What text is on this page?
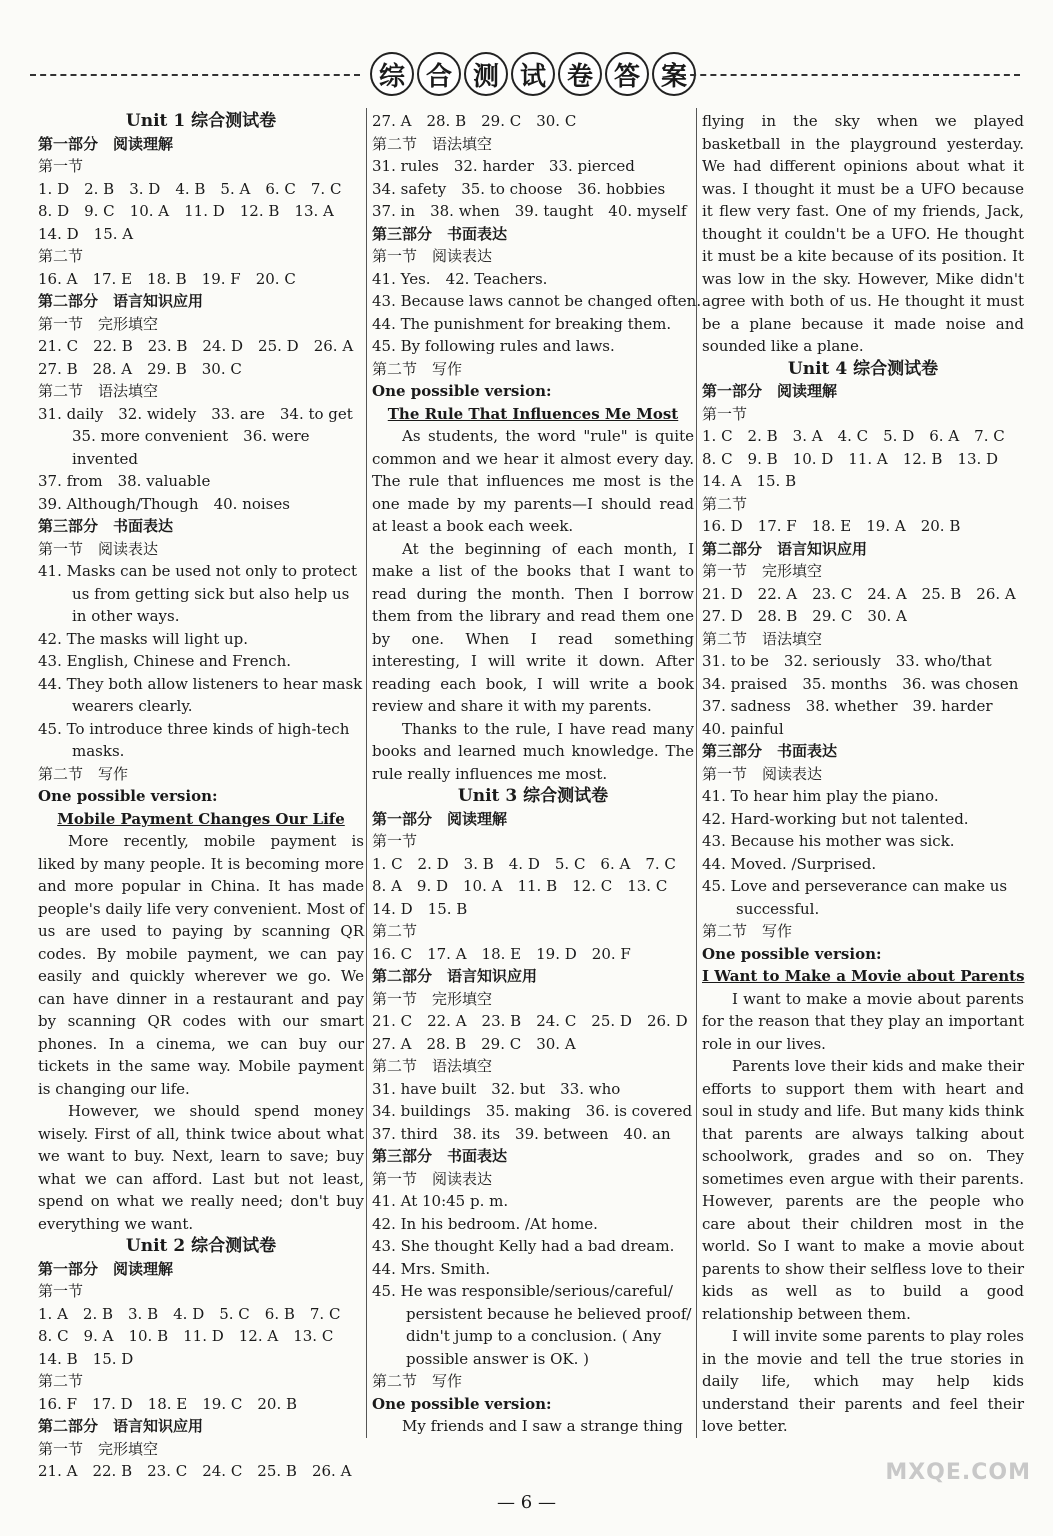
综 合 测 试 卷 答 案
Unit 1 综合测试卷
第一部分　阅读理解
第一节
1. D　2. B　3. D　4. B　5. A　6. C　7. C
8. D　9. C　10. A　11. D　12. B　13. A
14. D　15. A
第二节
16. A　17. E　18. B　19. F　20. C
第二部分　语言知识应用
第一节　完形填空
21. C　22. B　23. B　24. D　25. D　26. A
27. B　28. A　29. B　30. C
第二节　语法填空
31. daily　32. widely　33. are　34. to get
35. more convenient　36. were invented
37. from　38. valuable
39. Although/Though　40. noises
第三部分　书面表达
第一节　阅读表达
41. Masks can be used not only to protect us from getting sick but also help us in other ways.
42. The masks will light up.
43. English, Chinese and French.
44. They both allow listeners to hear mask wearers clearly.
45. To introduce three kinds of high-tech masks.
第二节　写作
One possible version:
Mobile Payment Changes Our Life
More recently, mobile payment is liked by many people. It is becoming more and more popular in China. It has made people's daily life very convenient. Most of us are used to paying by scanning QR codes. By mobile payment, we can pay easily and quickly wherever we go. We can have dinner in a restaurant and pay by scanning QR codes with our smart phones. In a cinema, we can buy our tickets in the same way. Mobile payment is changing our life.
However, we should spend money wisely. First of all, think twice about what we want to buy. Next, learn to save; buy what we can afford. Last but not least, spend on what we really need; don't buy everything we want.
Unit 2 综合测试卷
第一部分　阅读理解
第一节
1. A　2. B　3. B　4. D　5. C　6. B　7. C
8. C　9. A　10. B　11. D　12. A　13. C
14. B　15. D
第二节
16. F　17. D　18. E　19. C　20. B
第二部分　语言知识应用
第一节　完形填空
21. A　22. B　23. C　24. C　25. B　26. A
27. A　28. B　29. C　30. C
第二节　语法填空
31. rules　32. harder　33. pierced
34. safety　35. to choose　36. hobbies
37. in　38. when　39. taught　40. myself
第三部分　书面表达
第一节　阅读表达
41. Yes.　42. Teachers.
43. Because laws cannot be changed often.
44. The punishment for breaking them.
45. By following rules and laws.
第二节　写作
One possible version:
The Rule That Influences Me Most
As students, the word "rule" is quite common and we hear it almost every day. The rule that influences me most is the one made by my parents—I should read at least a book each week.
At the beginning of each month, I make a list of the books that I want to read during the month. Then I borrow them from the library and read them one by one. When I read something interesting, I will write it down. After reading each book, I will write a book review and share it with my parents.
Thanks to the rule, I have read many books and learned much knowledge. The rule really influences me most.
Unit 3 综合测试卷
第一部分　阅读理解
第一节
1. C　2. D　3. B　4. D　5. C　6. A　7. C
8. A　9. D　10. A　11. B　12. C　13. C
14. D　15. B
第二节
16. C　17. A　18. E　19. D　20. F
第二部分　语言知识应用
第一节　完形填空
21. C　22. A　23. B　24. C　25. D　26. D
27. A　28. B　29. C　30. A
第二节　语法填空
31. have built　32. but　33. who
34. buildings　35. making　36. is covered
37. third　38. its　39. between　40. an
第三部分　书面表达
第一节　阅读表达
41. At 10:45 p. m.
42. In his bedroom. /At home.
43. She thought Kelly had a bad dream.
44. Mrs. Smith.
45. He was responsible/serious/careful/ persistent because he believed proof/ didn't jump to a conclusion. ( Any possible answer is OK. )
第二节　写作
One possible version:
My friends and I saw a strange thing
flying in the sky when we played basketball in the playground yesterday. We had different opinions about what it was. I thought it must be a UFO because it flew very fast. One of my friends, Jack, thought it couldn't be a UFO. He thought it must be a kite because of its position. It was low in the sky. However, Mike didn't agree with both of us. He thought it must be a plane because it made noise and sounded like a plane.
Unit 4 综合测试卷
第一部分　阅读理解
第一节
1. C　2. B　3. A　4. C　5. D　6. A　7. C
8. C　9. B　10. D　11. A　12. B　13. D
14. A　15. B
第二节
16. D　17. F　18. E　19. A　20. B
第二部分　语言知识应用
第一节　完形填空
21. D　22. A　23. C　24. A　25. B　26. A
27. D　28. B　29. C　30. A
第二节　语法填空
31. to be　32. seriously　33. who/that
34. praised　35. months　36. was chosen
37. sadness　38. whether　39. harder
40. painful
第三部分　书面表达
第一节　阅读表达
41. To hear him play the piano.
42. Hard-working but not talented.
43. Because his mother was sick.
44. Moved. /Surprised.
45. Love and perseverance can make us successful.
第二节　写作
One possible version:
I Want to Make a Movie about Parents
I want to make a movie about parents for the reason that they play an important role in our lives.
Parents love their kids and make their efforts to support them with heart and soul in study and life. But many kids think that parents are always talking about schoolwork, grades and so on. They sometimes even argue with their parents. However, parents are the people who care about their children most in the world. So I want to make a movie about parents to show their selfless love to their kids as well as to build a good relationship between them.
I will invite some parents to play roles in the movie and tell the true stories in daily life, which may help kids understand their parents and feel their love better.
— 6 —
MXQE.COM
